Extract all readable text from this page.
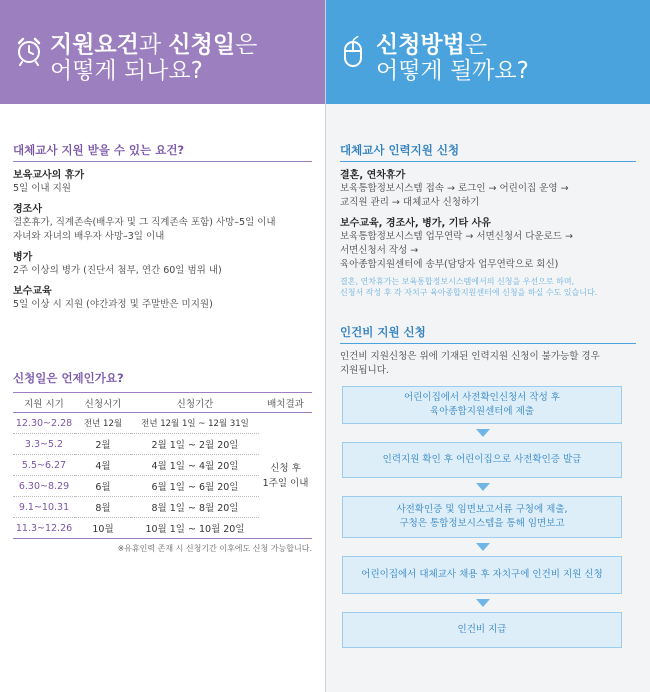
지원요건과 신청일은
어떻게 되나요?
대체교사 지원 받을 수 있는 요건?
보육교사의 휴가
5일 이내 지원
경조사
결혼휴가, 직계존속(배우자 및 그 직계존속 포함) 사망–5일 이내
자녀와 자녀의 배우자 사망–3일 이내
병가
2주 이상의 병가 (진단서 첨부, 연간 60일 범위 내)
보수교육
5일 이상 시 지원 (야간과정 및 주말반은 미지원)
신청일은 언제인가요?
지원 시기	신청시기	신청기간	배치결과
12.30~2.28	전년 12월	전년 12월 1일 ~ 12월 31일	신청 후
1주일 이내

3.3~5.2	2월	2월 1일 ~ 2월 20일	
5.5~6.27	4월	4월 1일 ~ 4월 20일	
6.30~8.29	6월	6월 1일 ~ 6월 20일	
9.1~10.31	8월	8월 1일 ~ 8월 20일	
11.3~12.26	10월	10월 1일 ~ 10월 20일	
※유휴인력 존재 시 신청기간 이후에도 신청 가능합니다.
신청방법은
어떻게 될까요?
대체교사 인력지원 신청
결혼, 연차휴가
보육통합정보시스템 접속 → 로그인 → 어린이집 운영 →
교직원 관리 → 대체교사 신청하기
보수교육, 경조사, 병가, 기타 사유
보육통합정보시스템 업무연락 → 서면신청서 다운로드 →
서면신청서 작성 →
육아종합지원센터에 송부(담당자 업무연락으로 회신)
결혼, 연차휴가는 보육통합정보시스템에서의 신청을 우선으로 하며,
신청서 작성 후 각 자치구 육아종합지원센터에 신청을 하실 수도 있습니다.
인건비 지원 신청
인건비 지원신청은 위에 기재된 인력지원 신청이 불가능할 경우
지원됩니다.
어린이집에서 사전확인신청서 작성 후
육아종합지원센터에 제출
인력지원 확인 후 어린이집으로 사전확인증 발급
사전확인증 및 임면보고서류 구청에 제출,
구청은 통합정보시스템을 통해 임면보고
어린이집에서 대체교사 채용 후 자치구에 인건비 지원 신청
인건비 지급
